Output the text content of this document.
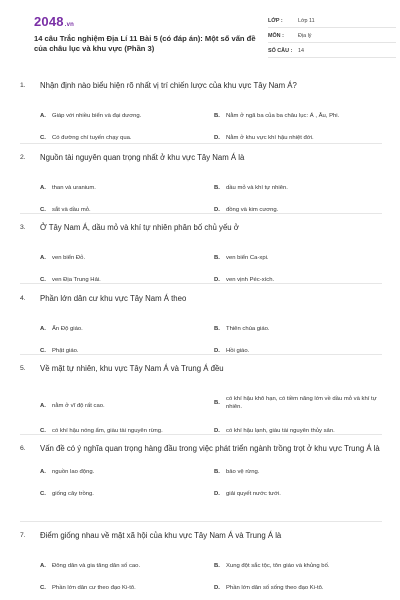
2048.vn
14 câu Trắc nghiệm Địa Lí 11 Bài 5 (có đáp án): Một số vấn đề của châu lục và khu vực (Phần 3)
LỚP :	Lớp 11
MÔN :	Địa lý
SỐ CÂU :	14
1.	Nhận định nào biểu hiện rõ nhất vị trí chiến lược của khu vực Tây Nam Á?
A.	Giáp với nhiều biển và đại dương.	B.	Nằm ở ngã ba của ba châu lục: Á , Âu, Phi.
C.	Có đường chí tuyến chạy qua.	D.	Nằm ở khu vực khí hậu nhiệt đới.
2.	Nguồn tài nguyên quan trọng nhất ở khu vực Tây Nam Á là
A.	than và uranium.	B.	dầu mỏ và khí tự nhiên.
C.	sắt và dầu mỏ.	D.	đồng và kim cương.
3.	Ở Tây Nam Á, dầu mỏ và khí tự nhiên phân bố chủ yếu ở
A.	ven biển Đỏ.	B.	ven biển Ca-xpi.
C.	ven Địa Trung Hải.	D.	ven vịnh Péc-xích.
4.	Phần lớn dân cư khu vực Tây Nam Á theo
A.	Ấn Độ giáo.	B.	Thiên chúa giáo.
C.	Phật giáo.	D.	Hồi giáo.
5.	Về mặt tự nhiên, khu vực Tây Nam Á và Trung Á đều
A.	nằm ở vĩ độ rất cao.	B.
có khí hậu khô hạn, có tiềm năng lớn về dầu mỏ và khí tự nhiên.
C.	có khí hậu nóng ẩm, giàu tài nguyên rừng.	D.	có khí hậu lạnh, giàu tài nguyên thủy sản.
6.	Vấn đề có ý nghĩa quan trọng hàng đầu trong việc phát triển ngành trồng trọt ở khu vực Trung Á là
A.	nguồn lao động.	B.	bảo vệ rừng.
C.	giống cây trồng.	D.	giải quyết nước tưới.
7.	Điểm giống nhau về mặt xã hội của khu vực Tây Nam Á và Trung Á là
A.	Đông dân và gia tăng dân số cao.	B.	Xung đột sắc tộc, tôn giáo và khủng bố.
C.	Phần lớn dân cư theo đạo Ki-tô.	D.	Phần lớn dân số sống theo đạo Ki-tô.
